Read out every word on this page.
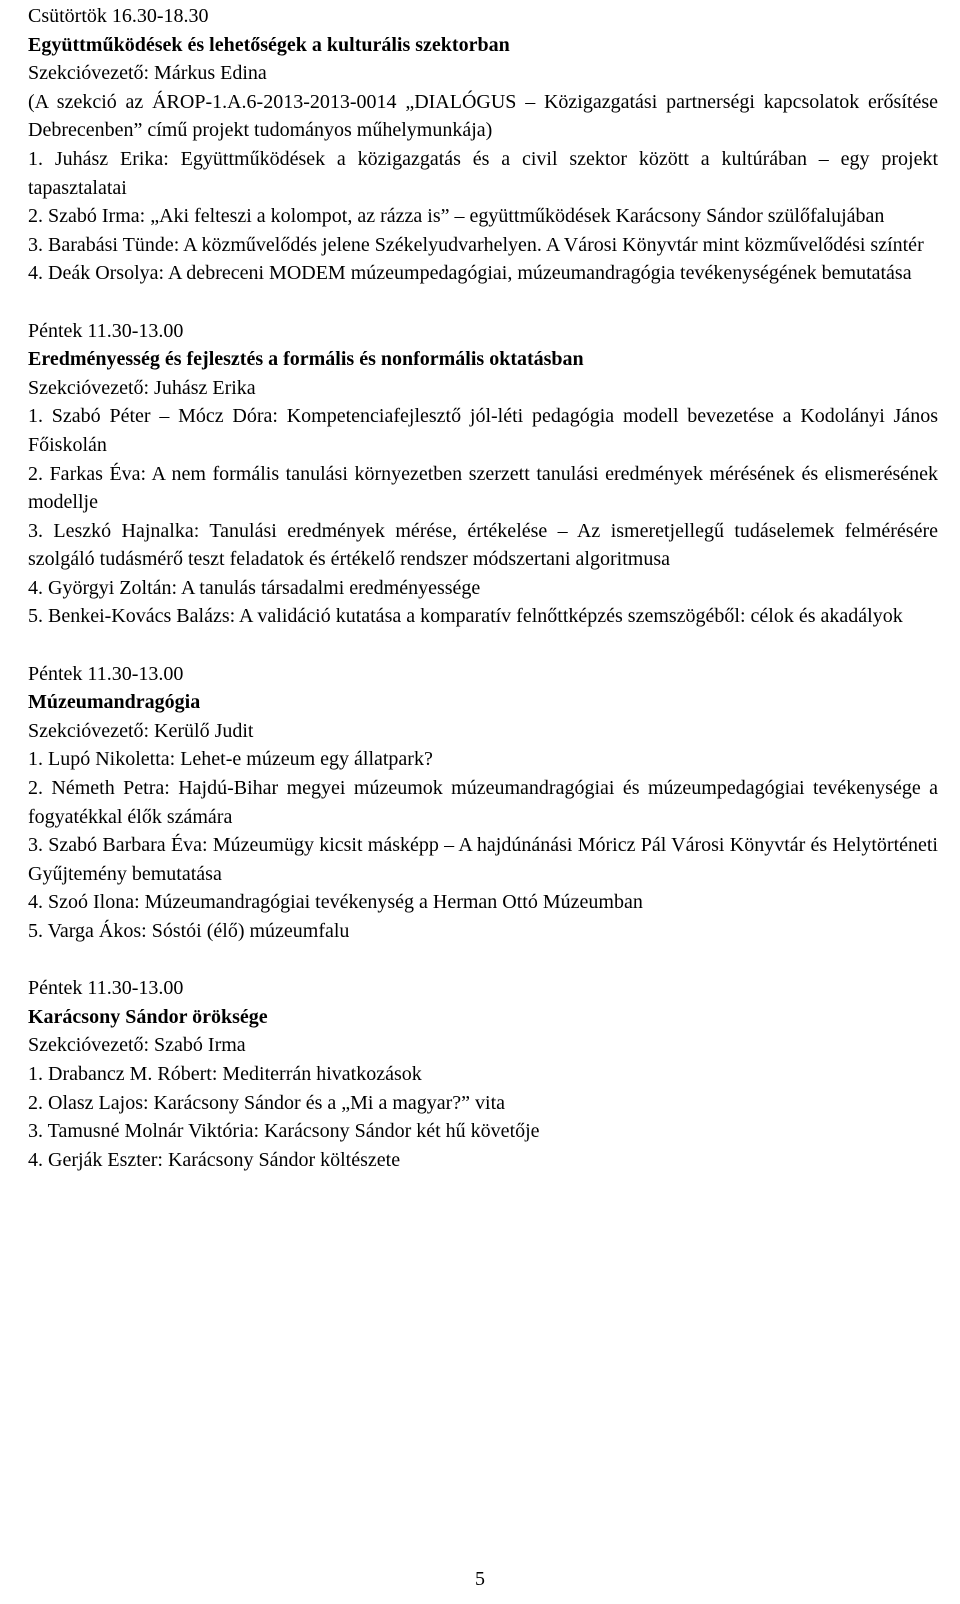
Csütörtök 16.30-18.30

Együttműködések és lehetőségek a kulturális szektorban

Szekcióvezető: Márkus Edina

(A szekció az ÁROP-1.A.6-2013-2013-0014 „DIALÓGUS – Közigazgatási partnerségi kapcsolatok erősítése Debrecenben” című projekt tudományos műhelymunkája)

1. Juhász Erika: Együttműködések a közigazgatás és a civil szektor között a kultúrában – egy projekt tapasztalatai

2. Szabó Irma: „Aki felteszi a kolompot, az rázza is” – együttműködések Karácsony Sándor szülőfalujában

3. Barabási Tünde: A közművelődés jelene Székelyudvarhelyen. A Városi Könyvtár mint közművelődési színtér

4. Deák Orsolya: A debreceni MODEM múzeumpedagógiai, múzeumandragógia tevékenységének bemutatása

Péntek 11.30-13.00

Eredményesség és fejlesztés a formális és nonformális oktatásban

Szekcióvezető: Juhász Erika

1. Szabó Péter – Mócz Dóra: Kompetenciafejlesztő jól-léti pedagógia modell bevezetése a Kodolányi János Főiskolán

2. Farkas Éva: A nem formális tanulási környezetben szerzett tanulási eredmények mérésének és elismerésének modellje

3. Leszkó Hajnalka: Tanulási eredmények mérése, értékelése – Az ismeretjellegű tudáselemek felmérésére szolgáló tudásmérő teszt feladatok és értékelő rendszer módszertani algoritmusa

4. Györgyi Zoltán: A tanulás társadalmi eredményessége

5. Benkei-Kovács Balázs: A validáció kutatása a komparatív felnőttképzés szemszögéből: célok és akadályok

Péntek 11.30-13.00

Múzeumandragógia

Szekcióvezető: Kerülő Judit

1. Lupó Nikoletta: Lehet-e múzeum egy állatpark?

2. Németh Petra: Hajdú-Bihar megyei múzeumok múzeumandragógiai és múzeumpedagógiai tevékenysége a fogyatékkal élők számára

3. Szabó Barbara Éva: Múzeumügy kicsit másképp – A hajdúnánási Móricz Pál Városi Könyvtár és Helytörténeti Gyűjtemény bemutatása

4. Szoó Ilona: Múzeumandragógiai tevékenység a Herman Ottó Múzeumban

5. Varga Ákos: Sóstói (élő) múzeumfalu

Péntek 11.30-13.00

Karácsony Sándor öröksége

Szekcióvezető: Szabó Irma

1. Drabancz M. Róbert: Mediterrán hivatkozások

2. Olasz Lajos: Karácsony Sándor és a „Mi a magyar?” vita

3. Tamusné Molnár Viktória: Karácsony Sándor két hű követője

4. Gerják Eszter: Karácsony Sándor költészete

5
